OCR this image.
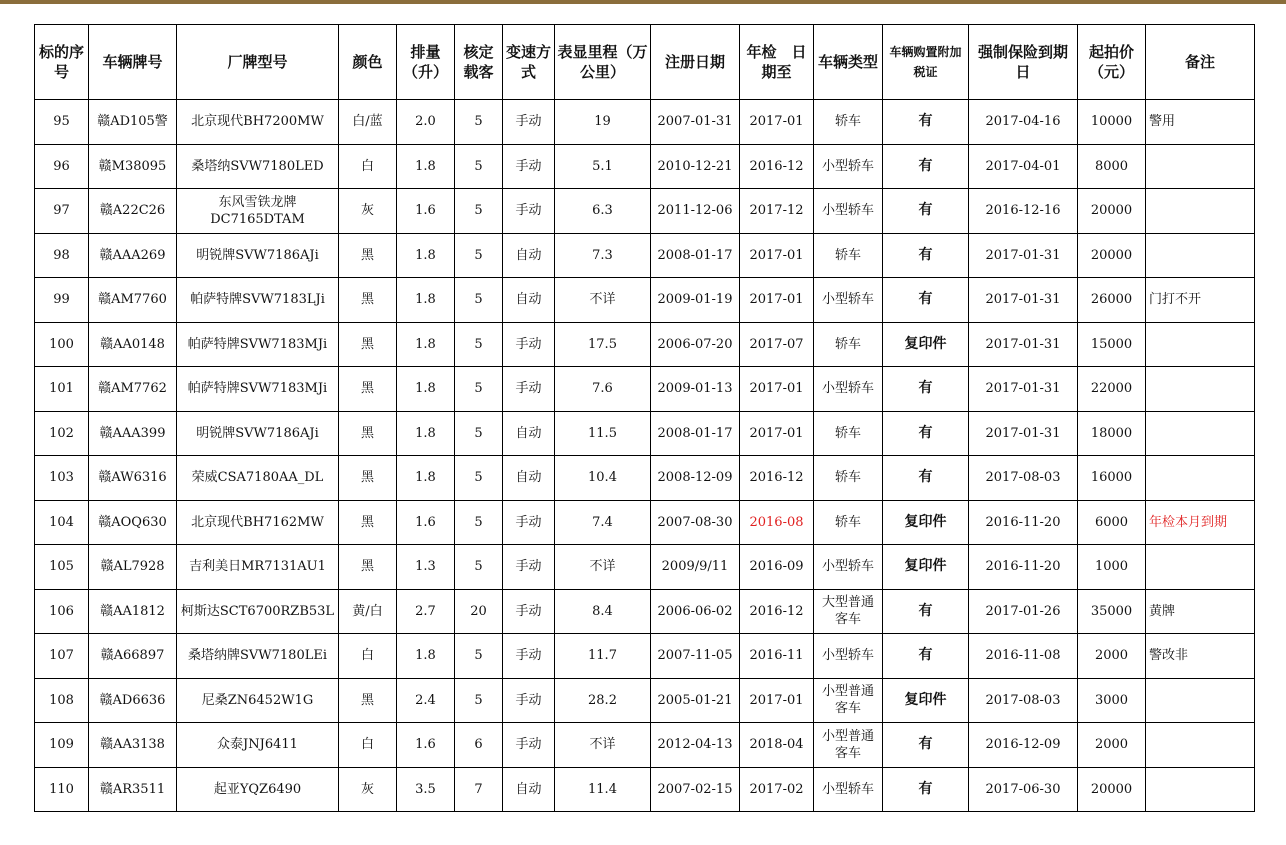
标的序号	车辆牌号	厂牌型号	颜色	排量（升）	核定载客	变速方式	表显里程（万公里）	注册日期	年检　日期至	车辆类型	车辆购置附加税证	强制保险到期日	起拍价（元）	备注
95	赣AD105警	北京现代BH7200MW	白/蓝	2.0	5	手动	19	2007-01-31	2017-01	轿车	有	2017-04-16	10000	警用
96	赣M38095	桑塔纳SVW7180LED	白	1.8	5	手动	5.1	2010-12-21	2016-12	小型轿车	有	2017-04-01	8000	
97	赣A22C26	东风雪铁龙牌DC7165DTAM	灰	1.6	5	手动	6.3	2011-12-06	2017-12	小型轿车	有	2016-12-16	20000	
98	赣AAA269	明锐牌SVW7186AJi	黑	1.8	5	自动	7.3	2008-01-17	2017-01	轿车	有	2017-01-31	20000	
99	赣AM7760	帕萨特牌SVW7183LJi	黑	1.8	5	自动	不详	2009-01-19	2017-01	小型轿车	有	2017-01-31	26000	门打不开
100	赣AA0148	帕萨特牌SVW7183MJi	黑	1.8	5	手动	17.5	2006-07-20	2017-07	轿车	复印件	2017-01-31	15000	
101	赣AM7762	帕萨特牌SVW7183MJi	黑	1.8	5	手动	7.6	2009-01-13	2017-01	小型轿车	有	2017-01-31	22000	
102	赣AAA399	明锐牌SVW7186AJi	黑	1.8	5	自动	11.5	2008-01-17	2017-01	轿车	有	2017-01-31	18000	
103	赣AW6316	荣威CSA7180AA_DL	黑	1.8	5	自动	10.4	2008-12-09	2016-12	轿车	有	2017-08-03	16000	
104	赣AOQ630	北京现代BH7162MW	黑	1.6	5	手动	7.4	2007-08-30	2016-08	轿车	复印件	2016-11-20	6000	年检本月到期
105	赣AL7928	吉利美日MR7131AU1	黑	1.3	5	手动	不详	2009/9/11	2016-09	小型轿车	复印件	2016-11-20	1000	
106	赣AA1812	柯斯达SCT6700RZB53L	黄/白	2.7	20	手动	8.4	2006-06-02	2016-12	大型普通客车	有	2017-01-26	35000	黄牌
107	赣A66897	桑塔纳牌SVW7180LEi	白	1.8	5	手动	11.7	2007-11-05	2016-11	小型轿车	有	2016-11-08	2000	警改非
108	赣AD6636	尼桑ZN6452W1G	黑	2.4	5	手动	28.2	2005-01-21	2017-01	小型普通客车	复印件	2017-08-03	3000	
109	赣AA3138	众泰JNJ6411	白	1.6	6	手动	不详	2012-04-13	2018-04	小型普通客车	有	2016-12-09	2000	
110	赣AR3511	起亚YQZ6490	灰	3.5	7	自动	11.4	2007-02-15	2017-02	小型轿车	有	2017-06-30	20000	
